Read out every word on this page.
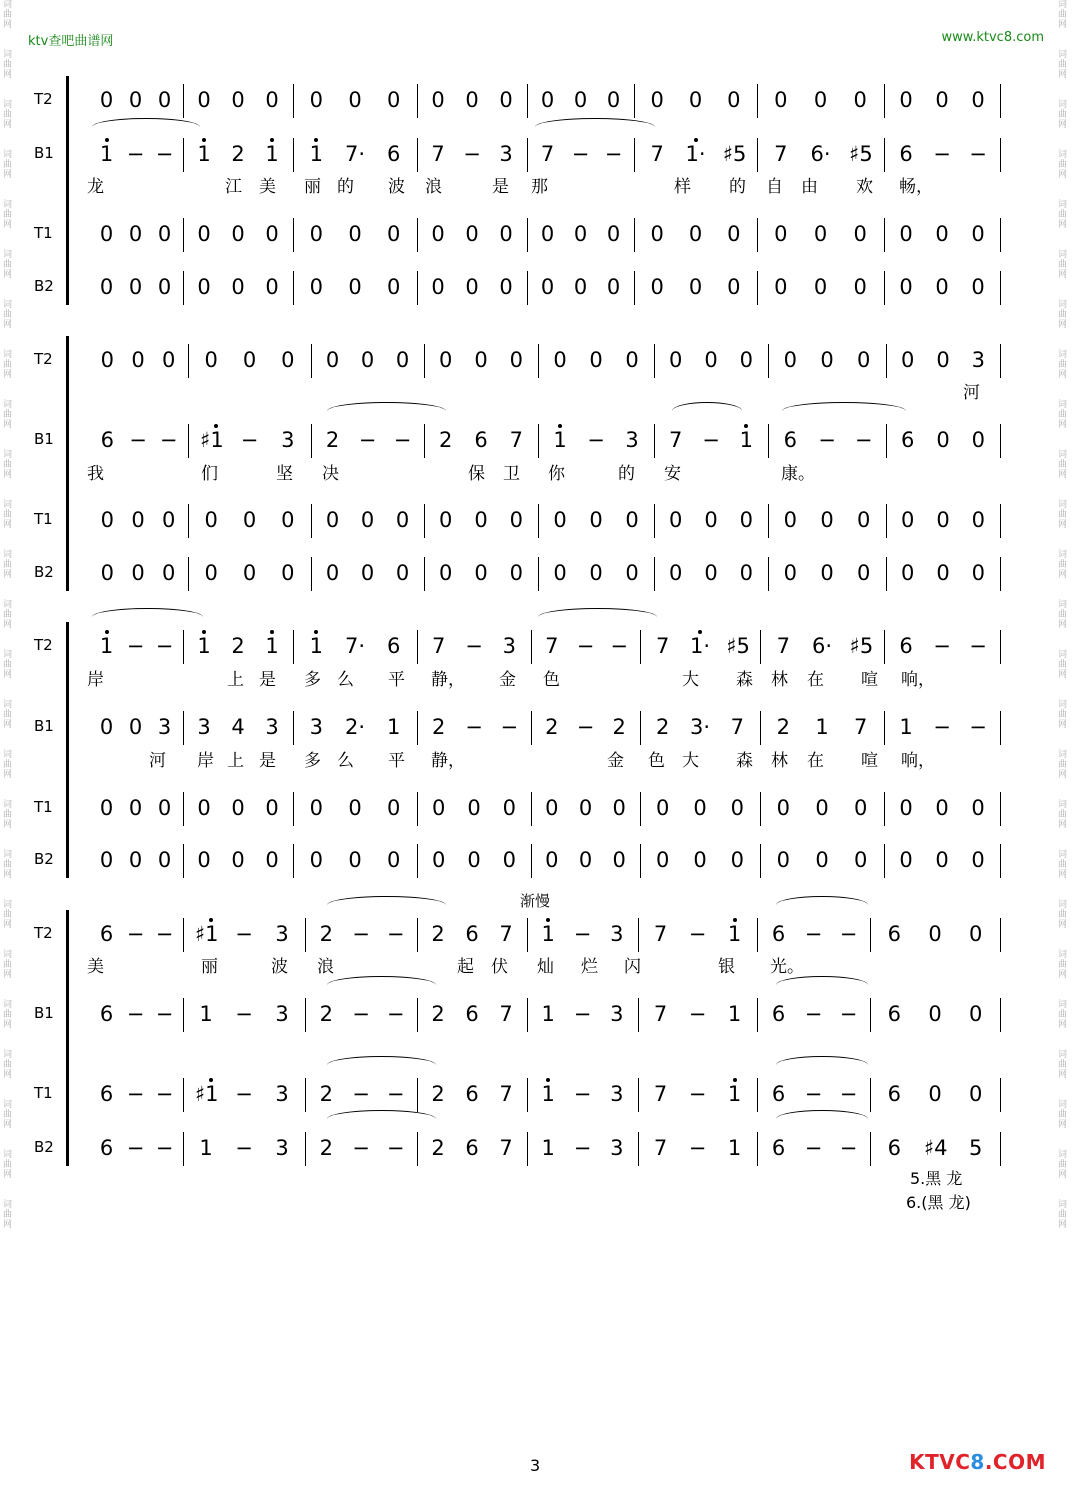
ktv查吧曲谱网	www.ktvc8.com
词
曲
网

词
曲
网

词
曲
网

词
曲
网

词
曲
网

词
曲
网

词
曲
网

词
曲
网

词
曲
网

词
曲
网

词
曲
网

词
曲
网

词
曲
网

词
曲
网

词
曲
网

词
曲
网

词
曲
网

词
曲
网

词
曲
网

词
曲
网

词
曲
网

词
曲
网

词
曲
网

词
曲
网

词
曲
网

词
曲
网

词
曲
网

词
曲
网

词
曲
网

词
曲
网

词
曲
网

词
曲
网

词
曲
网

词
曲
网

词
曲
网

词
曲
网

词
曲
网

词
曲
网

词
曲
网

词
曲
网

词
曲
网

词
曲
网

词
曲
网

词
曲
网

词
曲
网

词
曲
网

词
曲
网

词
曲
网

词
曲
网

词
曲
网

T2 0 0 0 0 0 0 0 0 0 0 0 0 0 0 0 0 0 0 0 0 0 0 0 0
B1 1 − − 1 2 1 1 7· 6 7 − 3 7 − − 7 1· ♯5 7 6· ♯5 6 − −
T1 0 0 0 0 0 0 0 0 0 0 0 0 0 0 0 0 0 0 0 0 0 0 0 0
B2 0 0 0 0 0 0 0 0 0 0 0 0 0 0 0 0 0 0 0 0 0 0 0 0
T2 0 0 0 0 0 0 0 0 0 0 0 0 0 0 0 0 0 0 0 0 0 0 0 3
B1 6 − − ♯1 − 3 2 − − 2 6 7 1 − 3 7 − 1 6 − − 6 0 0
T1 0 0 0 0 0 0 0 0 0 0 0 0 0 0 0 0 0 0 0 0 0 0 0 0
B2 0 0 0 0 0 0 0 0 0 0 0 0 0 0 0 0 0 0 0 0 0 0 0 0
T2 1 − − 1 2 1 1 7· 6 7 − 3 7 − − 7 1· ♯5 7 6· ♯5 6 − −
B1 0 0 3 3 4 3 3 2· 1 2 − − 2 − 2 2 3· 7 2 1 7 1 − −
T1 0 0 0 0 0 0 0 0 0 0 0 0 0 0 0 0 0 0 0 0 0 0 0 0
B2 0 0 0 0 0 0 0 0 0 0 0 0 0 0 0 0 0 0 0 0 0 0 0 0
T2 6 − − ♯1 − 3 2 − − 2 6 7 1 − 3 7 − 1 6 − − 6 0 0
B1 6 − − 1 − 3 2 − − 2 6 7 1 − 3 7 − 1 6 − − 6 0 0
T1 6 − − ♯1 − 3 2 − − 2 6 7 1 − 3 7 − 1 6 − − 6 0 0
B2 6 − − 1 − 3 2 − − 2 6 7 1 − 3 7 − 1 6 − − 6 ♯4 5
龙	江 美 丽 的 波 浪	是 那	样 的 自 由 欢 畅，
河
我	们	坚 决	保 卫 你	的 安	康。
岸	上 是 多 么 平 静， 金 色	大 森 林 在 喧 响，
河 岸 上 是 多 么 平 静，	金 色 大 森 林 在 喧 响，
美	丽	波 浪	起 伏 灿 烂 闪	银 光。
渐慢
5.黑 龙
6.(黑 龙)
3	KTVC8.COM
